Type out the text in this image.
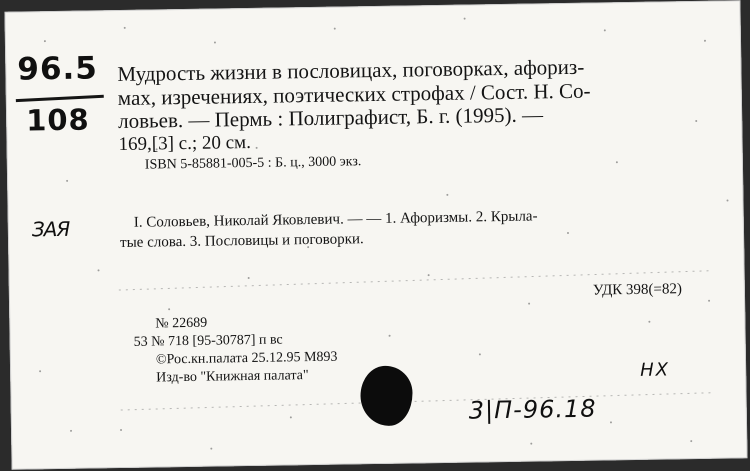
96.5
108
ЗАЯ
Мудрость жизни в пословицах, поговорках, афориз-
мах, изречениях, поэтических строфах / Сост. Н. Со-
ловьев. — Пермь : Полиграфист, Б. г. (1995). —
169,[3] с.; 20 см.
ISBN 5-85881-005-5 : Б. ц., 3000 экз.
I. Соловьев, Николай Яковлевич. — — 1. Афоризмы. 2. Крыла-
тые слова. 3. Пословицы и поговорки.
УДК 398(=82)
№ 22689
53 № 718 [95-30787] п вс
©Рос.кн.палата 25.12.95 M893
Изд-во "Книжная палата"
3|П-96.18
НХ
